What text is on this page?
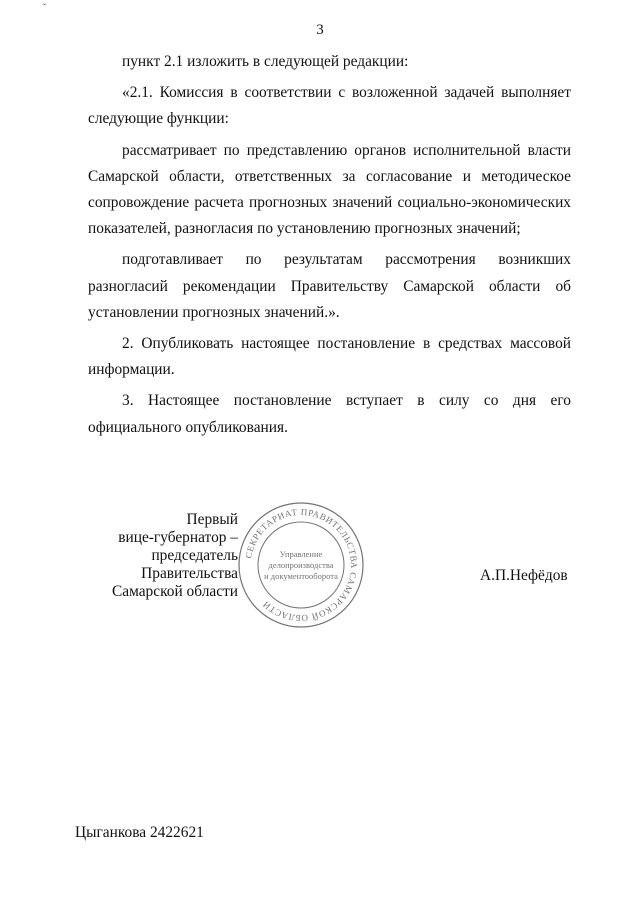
ˇ
3

пункт 2.1 изложить в следующей редакции:

«2.1. Комиссия в соответствии с возложенной задачей выполняет следующие функции:

рассматривает по представлению органов исполнительной власти Самарской области, ответственных за согласование и методическое сопровождение расчета прогнозных значений социально-экономических показателей, разногласия по установлению прогнозных значений;

подготавливает по результатам рассмотрения возникших разногласий рекомендации Правительству Самарской области об установлении прогнозных значений.».

2. Опубликовать настоящее постановление в средствах массовой информации.

3. Настоящее постановление вступает в силу со дня его официального опубликования.

Первый
вице-губернатор –
председатель Правительства
Самарской области
СЕКРЕТАРИАТ ПРАВИТЕЛЬСТВА САМАРСКОЙ ОБЛАСТИ
Управление
делопроизводства
и документооборота	А.П.Нефёдов
Цыганкова 2422621
